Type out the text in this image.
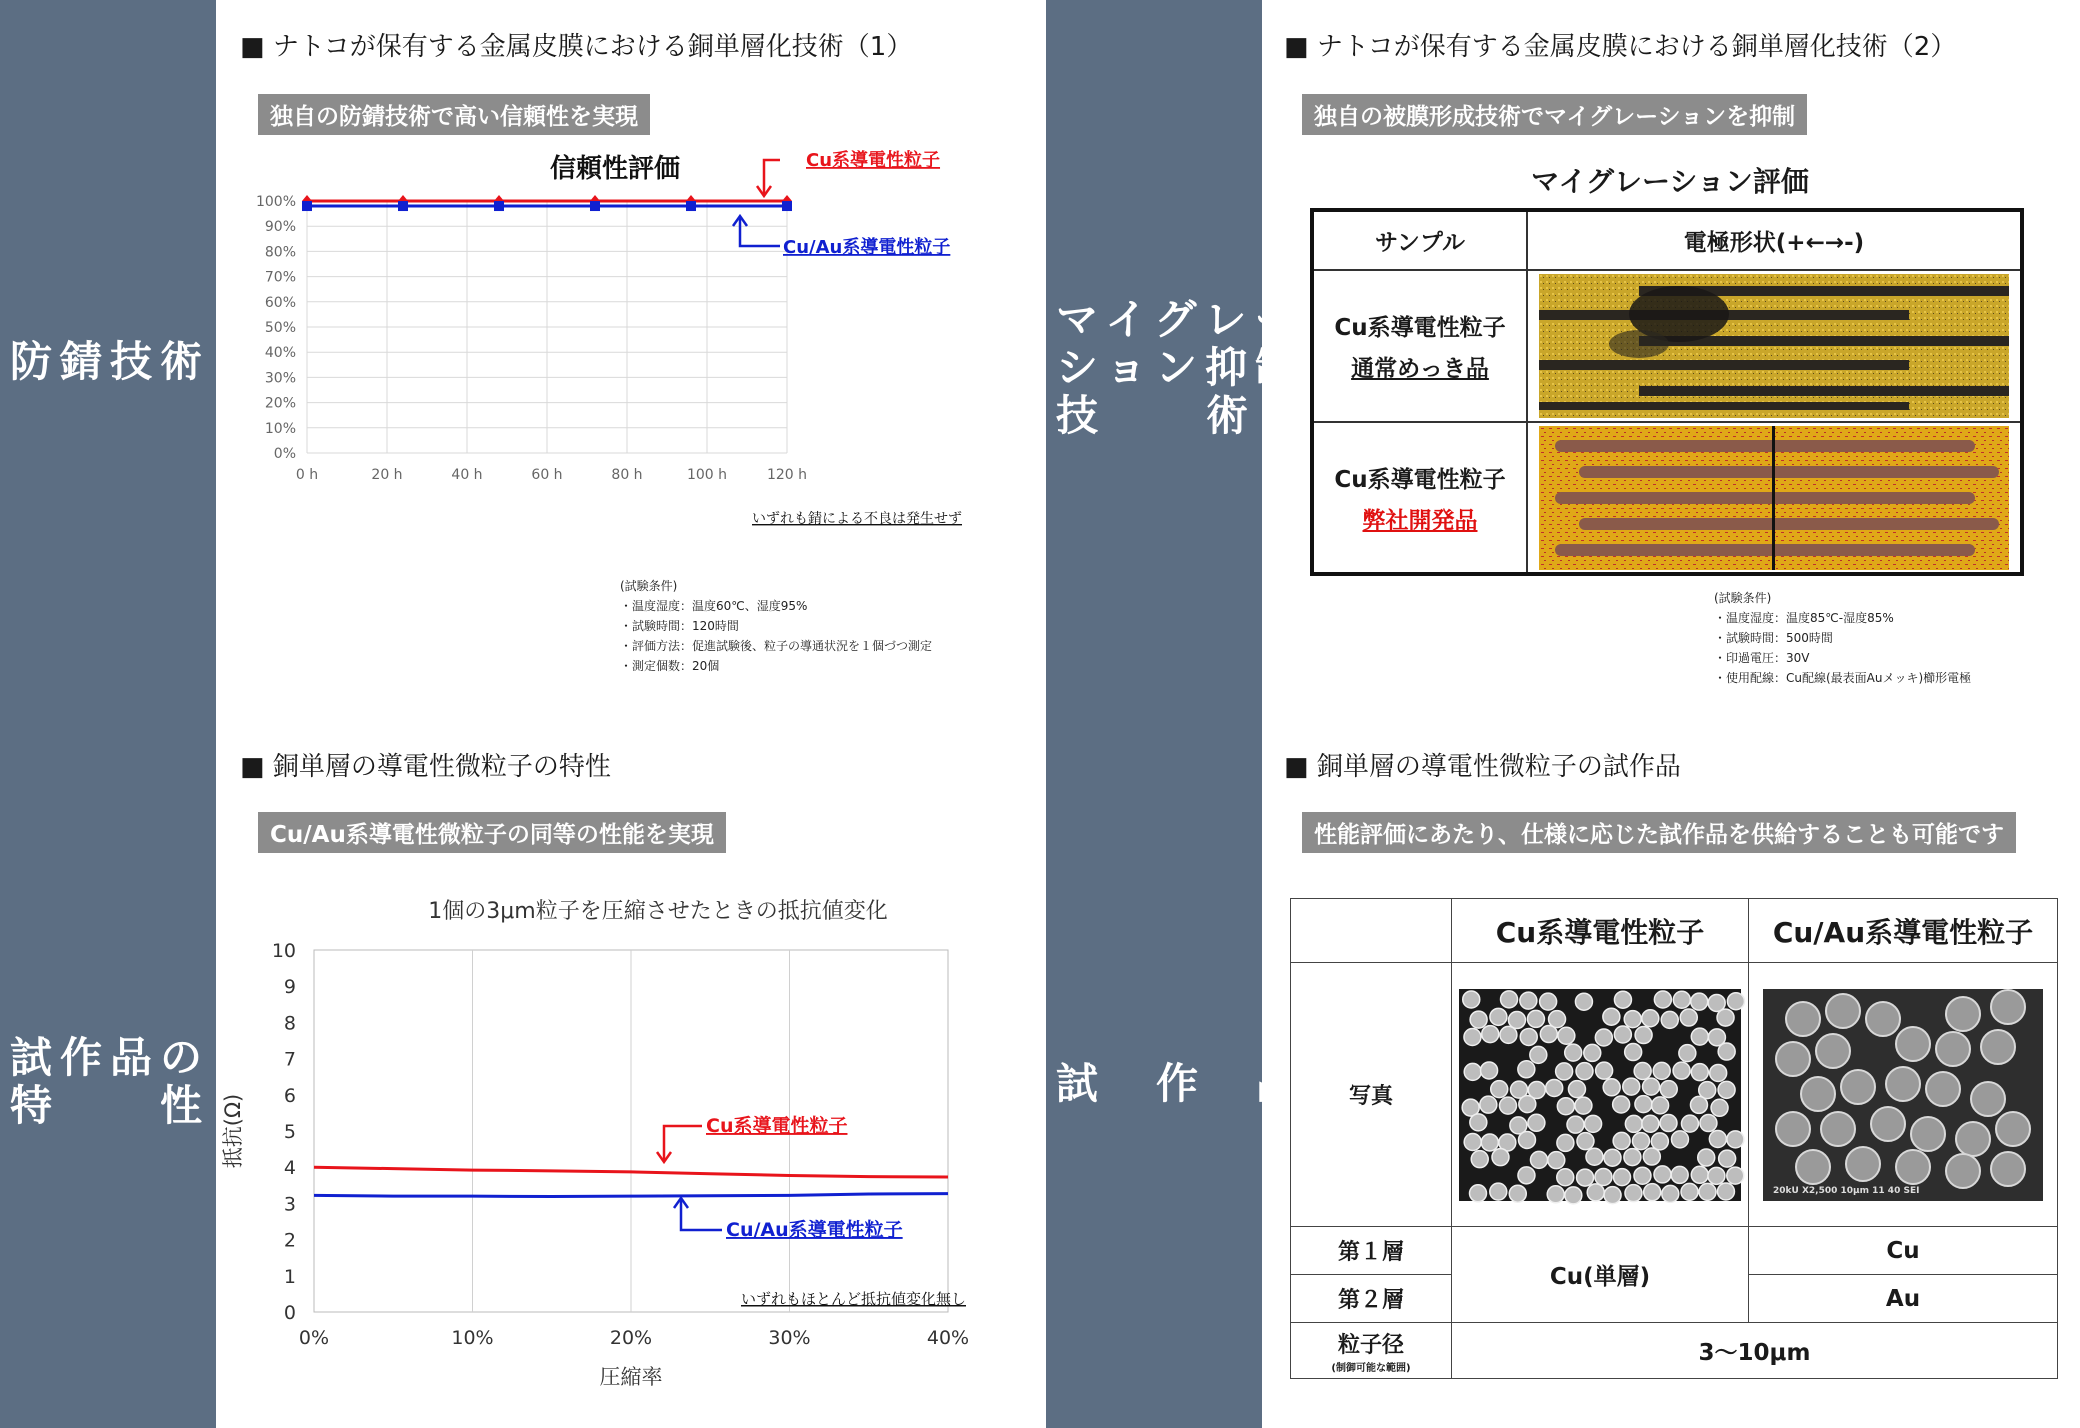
防錆技術
試作品の
特　　性
マイグレー
ション抑制
技　　術
試　作　品
■ ナトコが保有する金属皮膜における銅単層化技術（1）
独自の防錆技術で高い信頼性を実現
0%
10%
20%
30%
40%
50%
60%
70%
80%
90%
100%
0 h	20 h	40 h	60 h	80 h	100 h	120 h
信頼性評価	Cu系導電性粒子
Cu/Au系導電性粒子
いずれも錆による不良は発生せず
(試験条件)
・温度湿度：温度60℃、湿度95%
・試験時間：120時間
・評価方法：促進試験後、粒子の導通状況を１個づつ測定
・測定個数：20個
■ ナトコが保有する金属皮膜における銅単層化技術（2）
独自の被膜形成技術でマイグレーションを抑制
マイグレーション評価
サンプル	電極形状(+←→-)

Cu系導電性粒子
通常めっき品

Cu系導電性粒子
弊社開発品

(試験条件)
・温度湿度：温度85℃-湿度85%
・試験時間：500時間
・印過電圧：30V
・使用配線：Cu配線(最表面Auメッキ)櫛形電極
■ 銅単層の導電性微粒子の特性
Cu/Au系導電性微粒子の同等の性能を実現
0
1
2
3
4
5
6
7
8
9
10
抵抗(Ω)
0%	10%	20%	30%	40%
圧縮率
1個の3μm粒子を圧縮させたときの抵抗値変化
Cu系導電性粒子
Cu/Au系導電性粒子
いずれもほとんど抵抗値変化無し
■ 銅単層の導電性微粒子の試作品
性能評価にあたり、仕様に応じた試作品を供給することも可能です
	Cu系導電性粒子	Cu/Au系導電性粒子
写真		20kU X2,500 10μm 11 40 SEI

第１層	Cu(単層)	Cu
第２層		Au

粒子径
(制御可能な範囲)	3～10μm	
